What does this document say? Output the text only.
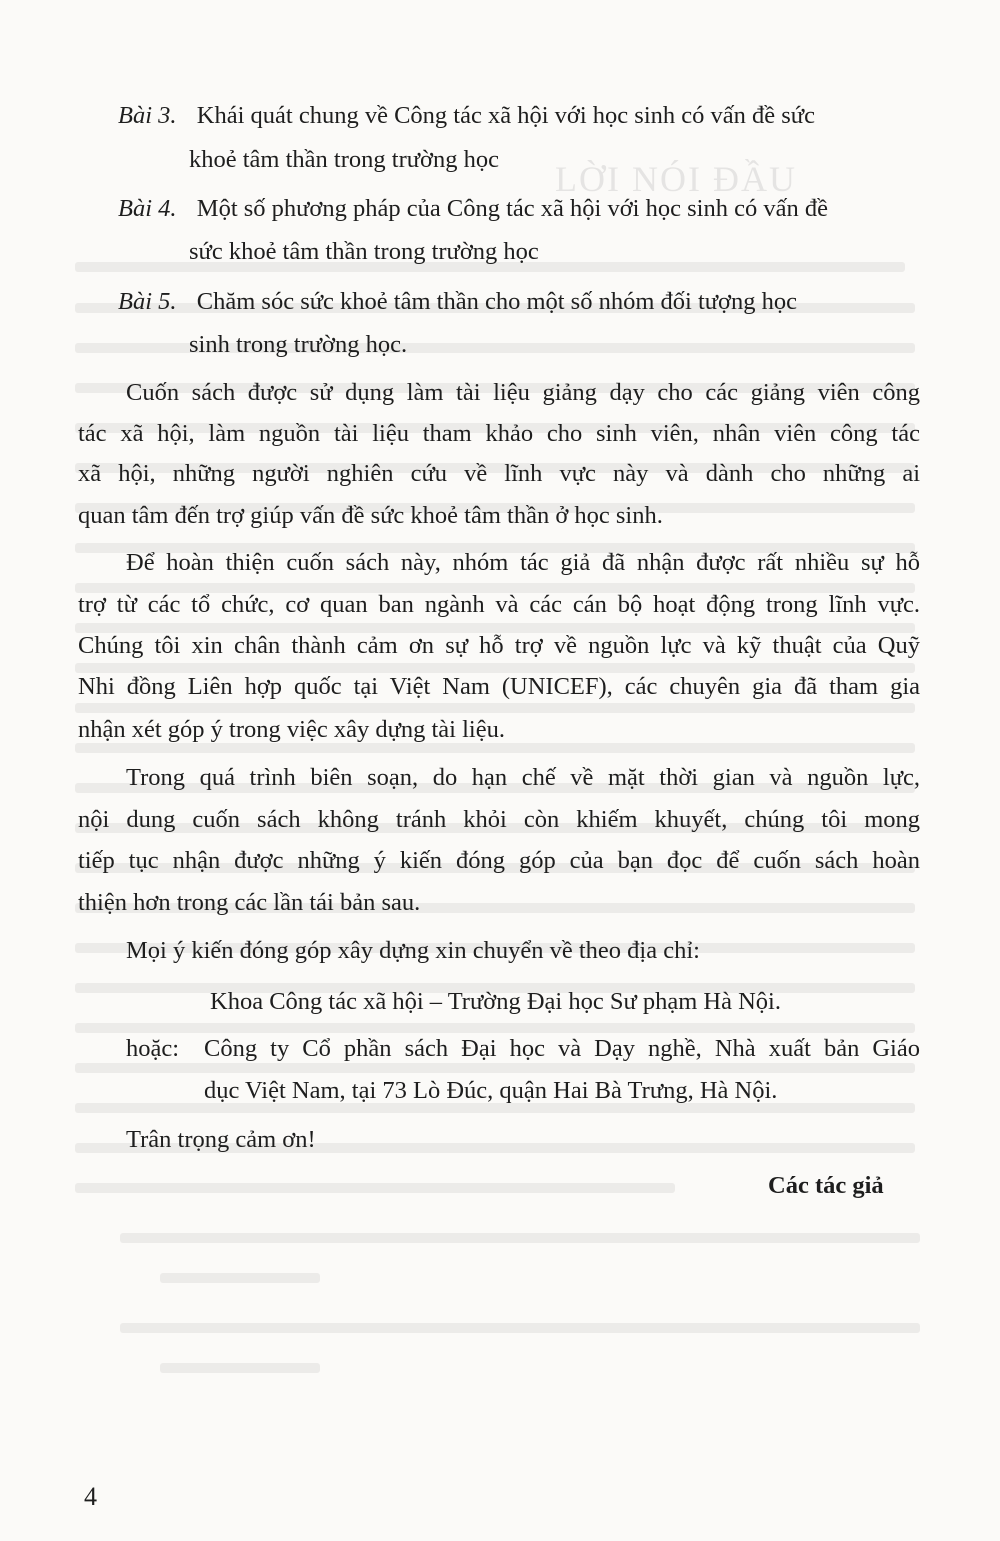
LỜI NÓI ĐẦU
Bài 3. Khái quát chung về Công tác xã hội với học sinh có vấn đề sức
khoẻ tâm thần trong trường học
Bài 4. Một số phương pháp của Công tác xã hội với học sinh có vấn đề
sức khoẻ tâm thần trong trường học
Bài 5. Chăm sóc sức khoẻ tâm thần cho một số nhóm đối tượng học
sinh trong trường học.
Cuốn sách được sử dụng làm tài liệu giảng dạy cho các giảng viên công
tác xã hội, làm nguồn tài liệu tham khảo cho sinh viên, nhân viên công tác
xã hội, những người nghiên cứu về lĩnh vực này và dành cho những ai
quan tâm đến trợ giúp vấn đề sức khoẻ tâm thần ở học sinh.
Để hoàn thiện cuốn sách này, nhóm tác giả đã nhận được rất nhiều sự hỗ
trợ từ các tổ chức, cơ quan ban ngành và các cán bộ hoạt động trong lĩnh vực.
Chúng tôi xin chân thành cảm ơn sự hỗ trợ về nguồn lực và kỹ thuật của Quỹ
Nhi đồng Liên hợp quốc tại Việt Nam (UNICEF), các chuyên gia đã tham gia
nhận xét góp ý trong việc xây dựng tài liệu.
Trong quá trình biên soạn, do hạn chế về mặt thời gian và nguồn lực,
nội dung cuốn sách không tránh khỏi còn khiếm khuyết, chúng tôi mong
tiếp tục nhận được những ý kiến đóng góp của bạn đọc để cuốn sách hoàn
thiện hơn trong các lần tái bản sau.
Mọi ý kiến đóng góp xây dựng xin chuyển về theo địa chỉ:
Khoa Công tác xã hội – Trường Đại học Sư phạm Hà Nội.
hoặc: Công ty Cổ phần sách Đại học và Dạy nghề, Nhà xuất bản Giáo
dục Việt Nam, tại 73 Lò Đúc, quận Hai Bà Trưng, Hà Nội.
Trân trọng cảm ơn!
Các tác giả
4
